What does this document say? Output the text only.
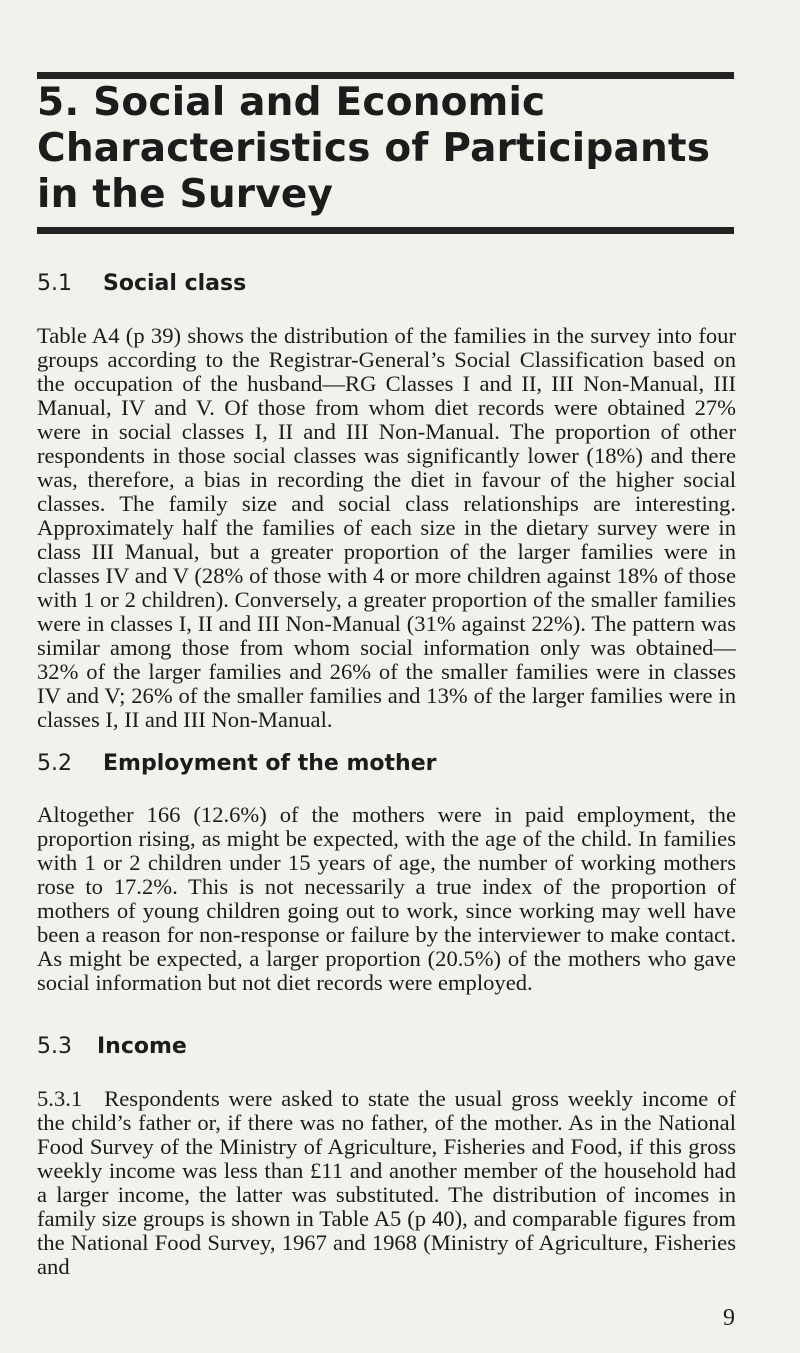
5. Social and Economic Characteristics of Participants in the Survey
5.1 Social class

Table A4 (p 39) shows the distribution of the families in the survey into four groups according to the Registrar-General’s Social Classification based on the occupation of the husband—RG Classes I and II, III Non-Manual, III Manual, IV and V. Of those from whom diet records were obtained 27% were in social classes I, II and III Non-Manual. The proportion of other respondents in those social classes was significantly lower (18%) and there was, therefore, a bias in recording the diet in favour of the higher social classes. The family size and social class relationships are interesting. Approximately half the families of each size in the dietary survey were in class III Manual, but a greater proportion of the larger families were in classes IV and V (28% of those with 4 or more children against 18% of those with 1 or 2 children). Conversely, a greater proportion of the smaller families were in classes I, II and III Non-Manual (31% against 22%). The pattern was similar among those from whom social information only was obtained—32% of the larger families and 26% of the smaller families were in classes IV and V; 26% of the smaller families and 13% of the larger families were in classes I, II and III Non-Manual.

5.2 Employment of the mother

Altogether 166 (12.6%) of the mothers were in paid employment, the proportion rising, as might be expected, with the age of the child. In families with 1 or 2 children under 15 years of age, the number of working mothers rose to 17.2%. This is not necessarily a true index of the proportion of mothers of young children going out to work, since working may well have been a reason for non-response or failure by the interviewer to make contact. As might be expected, a larger proportion (20.5%) of the mothers who gave social information but not diet records were employed.

5.3 Income

5.3.1 Respondents were asked to state the usual gross weekly income of the child’s father or, if there was no father, of the mother. As in the National Food Survey of the Ministry of Agriculture, Fisheries and Food, if this gross weekly income was less than £11 and another member of the household had a larger income, the latter was substituted. The distribution of incomes in family size groups is shown in Table A5 (p 40), and comparable figures from the National Food Survey, 1967 and 1968 (Ministry of Agriculture, Fisheries and

9
